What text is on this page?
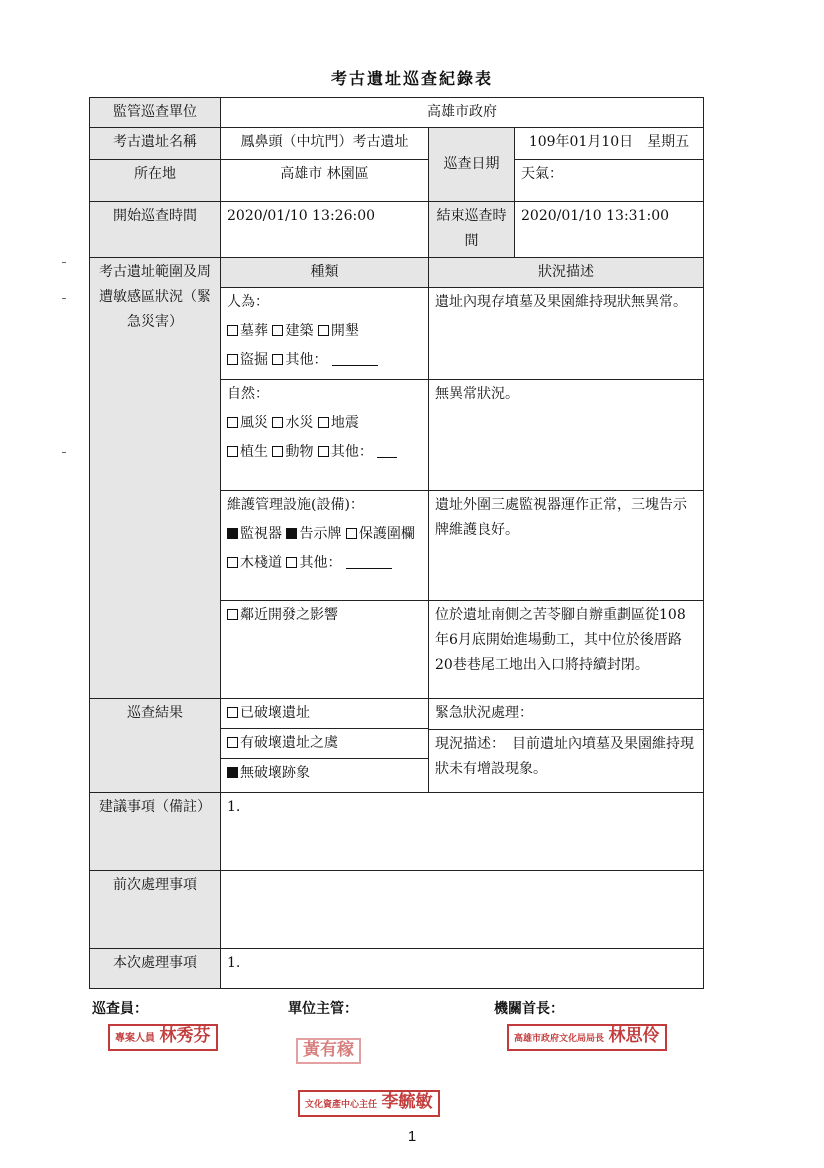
考古遺址巡查紀錄表
監管巡查單位	高雄市政府
考古遺址名稱	鳳鼻頭（中坑門）考古遺址	巡查日期	109年01月10日　星期五
所在地	高雄市 林園區	天氣：
開始巡查時間	2020/01/10 13:26:00	結束巡查時間	2020/01/10 13:31:00
考古遺址範圍及周遭敏感區狀況（緊急災害）	種類	狀況描述

人為：
墓葬 建築 開墾
盜掘 其他：
	遺址內現存墳墓及果園維持現狀無異常。

自然：
風災 水災 地震
植生 動物 其他：
	無異常狀況。

維護管理設施(設備)：
監視器 告示牌 保護圍欄
木棧道 其他：
	遺址外圍三處監視器運作正常，三塊告示牌維護良好。
鄰近開發之影響	位於遺址南側之苦苓腳自辦重劃區從108年6月底開始進場動工，其中位於後厝路20巷巷尾工地出入口將持續封閉。
巡查結果		已破壞遺址
有破壞遺址之虞
無破壞跡象

緊急狀況處理：
現況描述：　目前遺址內墳墓及果園維持現狀未有增設現象。

建議事項（備註）	1.
前次處理事項	
本次處理事項	1.
巡查員：	單位主管：	機關首長：
專案人員 林秀芬
黃有稼
高雄市政府文化局局長 林思伶
文化資產中心主任 李毓敏
1
